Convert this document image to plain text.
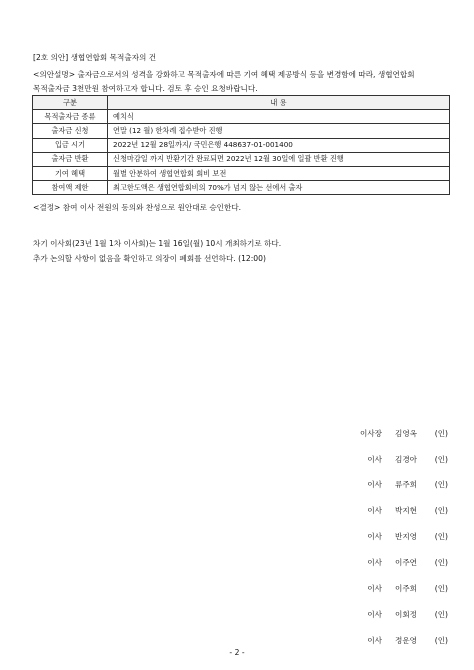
[2호 의안] 생협연합회 목적출자의 건
<의안설명> 출자금으로서의 성격을 강화하고 목적출자에 따른 기여 혜택 제공방식 등을 변경함에 따라, 생협연합회
목적출자금 3천만원 참여하고자 합니다. 검토 후 승인 요청바랍니다.
구분	내 용
목적출자금 종류	예치식
출자금 신청	연말 (12 월) 한차례 접수받아 진행
입금 시기	2022년 12월 28일까지/ 국민은행 448637-01-001400
출자금 반환	신청마감일 까지 반환기간 완료되면 2022년 12월 30일에 일괄 반환 진행
기여 혜택	월별 안분하여 생협연합회 회비 보전
참여액 제한	최고한도액은 생협연합회비의 70%가 넘지 않는 선에서 출자
<결정> 참여 이사 전원의 동의와 찬성으로 원안대로 승인한다.
차기 이사회(23년 1월 1차 이사회)는 1월 16일(월) 10시 개최하기로 하다.
추가 논의할 사항이 없음을 확인하고 의장이 폐회를 선언하다. (12:00)
이사장 김영옥 (인)
이사 김경아 (인)
이사 류주희 (인)
이사 박지현 (인)
이사 반지영 (인)
이사 이주연 (인)
이사 이주희 (인)
이사 이회정 (인)
이사 정운영 (인)
- 2 -
